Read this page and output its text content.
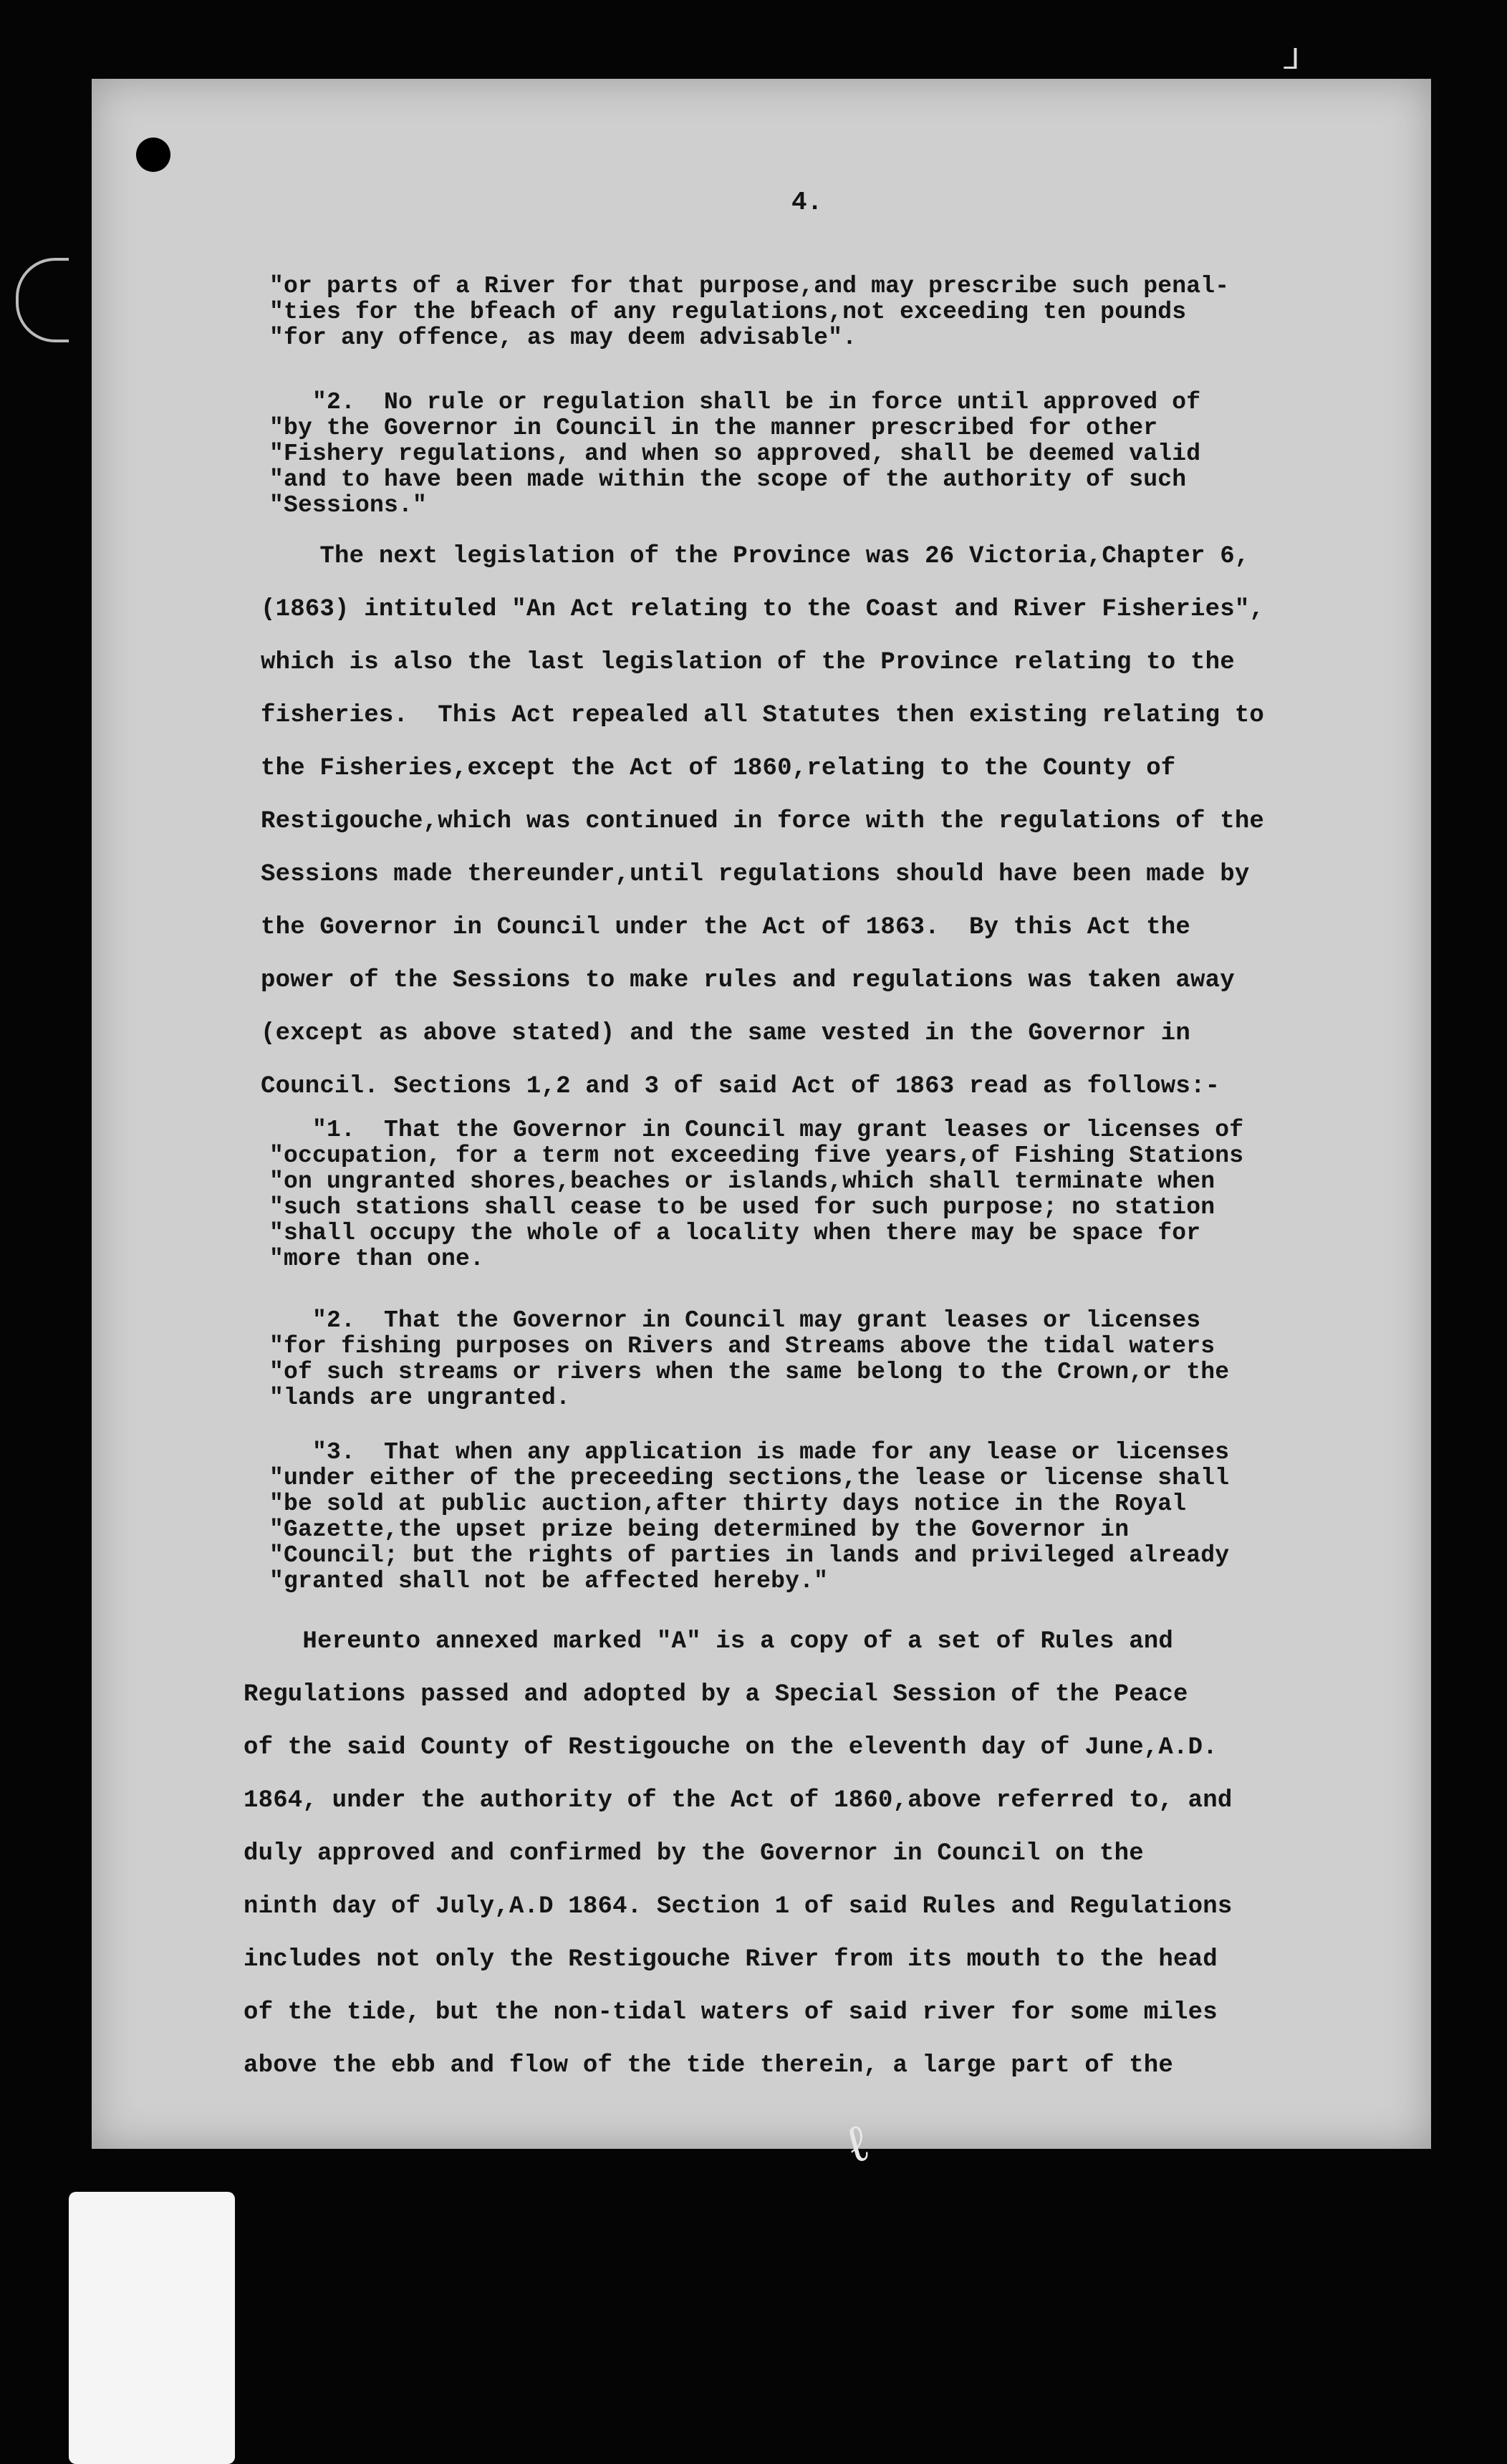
ᒧ
ℓ
4.
"or parts of a River for that purpose,and may prescribe such penal-
"ties for the bfeach of any regulations,not exceeding ten pounds
"for any offence, as may deem advisable".
"2.  No rule or regulation shall be in force until approved of
"by the Governor in Council in the manner prescribed for other
"Fishery regulations, and when so approved, shall be deemed valid
"and to have been made within the scope of the authority of such
"Sessions."
The next legislation of the Province was 26 Victoria,Chapter 6,
(1863) intituled "An Act relating to the Coast and River Fisheries",
which is also the last legislation of the Province relating to the
fisheries.  This Act repealed all Statutes then existing relating to
the Fisheries,except the Act of 1860,relating to the County of
Restigouche,which was continued in force with the regulations of the
Sessions made thereunder,until regulations should have been made by
the Governor in Council under the Act of 1863.  By this Act the
power of the Sessions to make rules and regulations was taken away
(except as above stated) and the same vested in the Governor in
Council. Sections 1,2 and 3 of said Act of 1863 read as follows:-
"1.  That the Governor in Council may grant leases or licenses of
"occupation, for a term not exceeding five years,of Fishing Stations
"on ungranted shores,beaches or islands,which shall terminate when
"such stations shall cease to be used for such purpose; no station
"shall occupy the whole of a locality when there may be space for
"more than one.
"2.  That the Governor in Council may grant leases or licenses
"for fishing purposes on Rivers and Streams above the tidal waters
"of such streams or rivers when the same belong to the Crown,or the
"lands are ungranted.
"3.  That when any application is made for any lease or licenses
"under either of the preceeding sections,the lease or license shall
"be sold at public auction,after thirty days notice in the Royal
"Gazette,the upset prize being determined by the Governor in
"Council; but the rights of parties in lands and privileged already
"granted shall not be affected hereby."
Hereunto annexed marked "A" is a copy of a set of Rules and
Regulations passed and adopted by a Special Session of the Peace
of the said County of Restigouche on the eleventh day of June,A.D.
1864, under the authority of the Act of 1860,above referred to, and
duly approved and confirmed by the Governor in Council on the
ninth day of July,A.D 1864. Section 1 of said Rules and Regulations
includes not only the Restigouche River from its mouth to the head
of the tide, but the non-tidal waters of said river for some miles
above the ebb and flow of the tide therein, a large part of the
